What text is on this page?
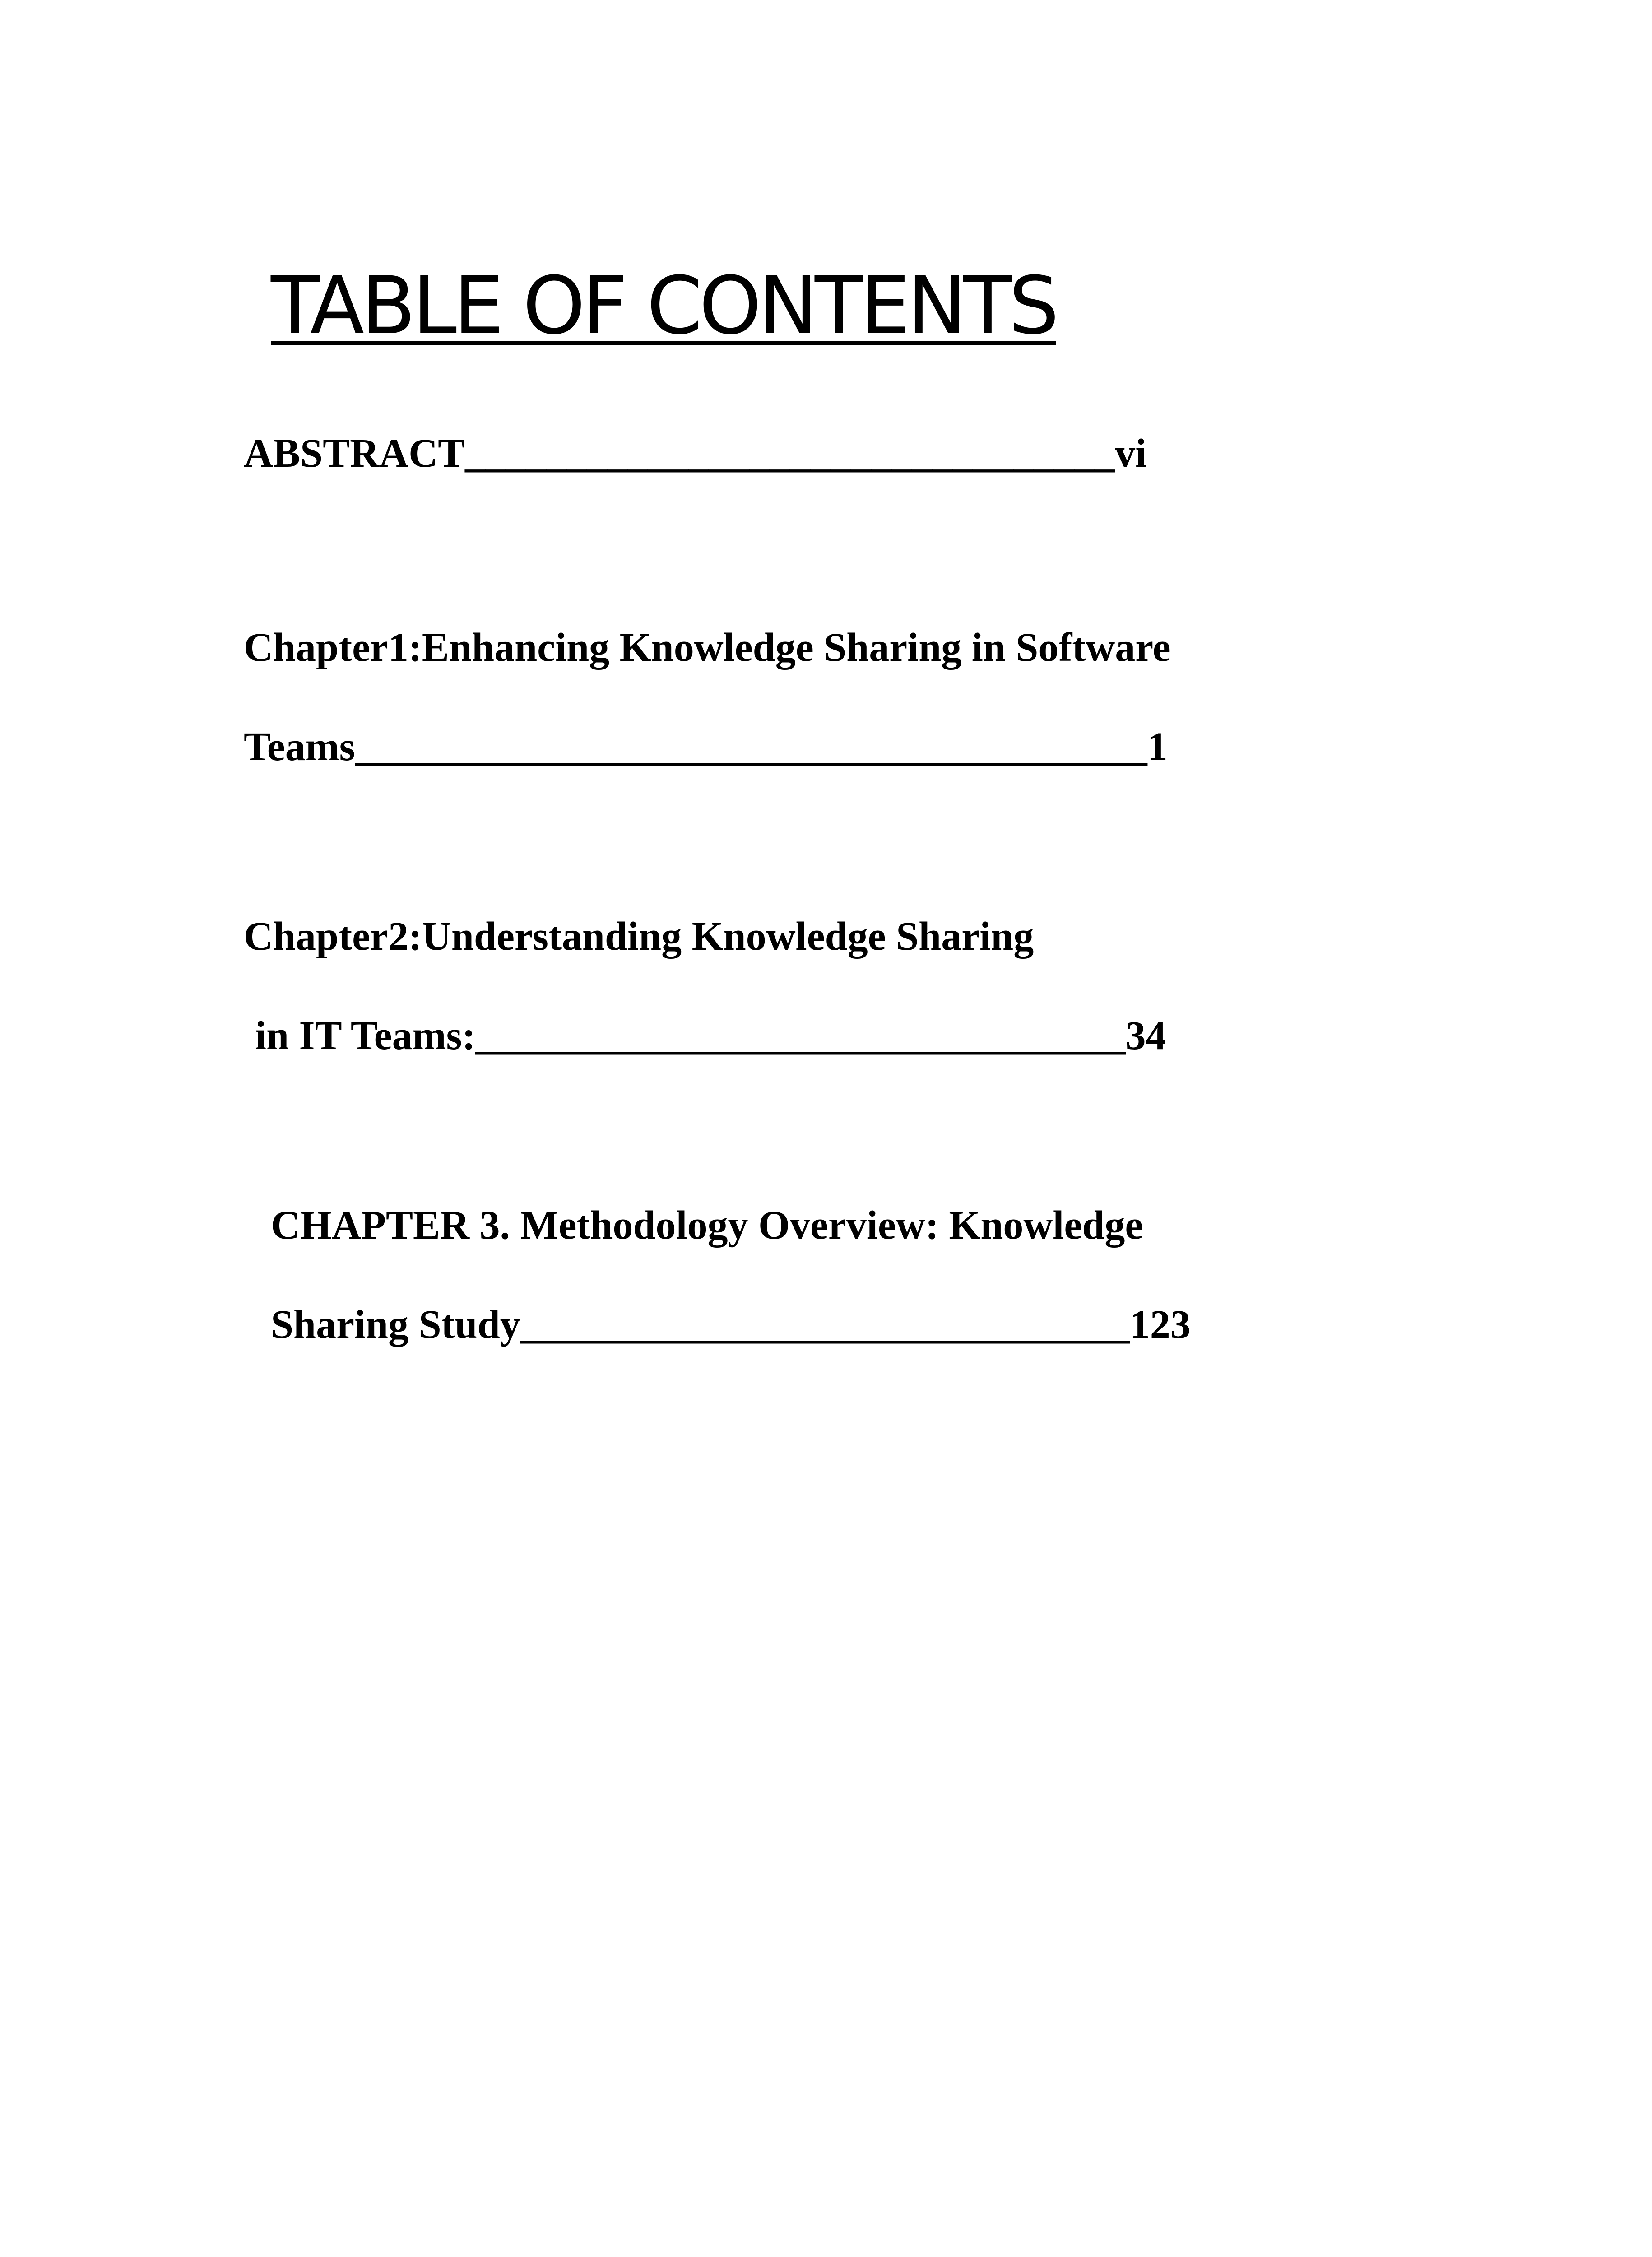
TABLE OF CONTENTS

ABSTRACT________________________________vi

Chapter1:Enhancing Knowledge Sharing in Software

Teams_______________________________________1

Chapter2:Understanding Knowledge Sharing

in IT Teams:________________________________34

CHAPTER 3. Methodology Overview: Knowledge

Sharing Study______________________________123
